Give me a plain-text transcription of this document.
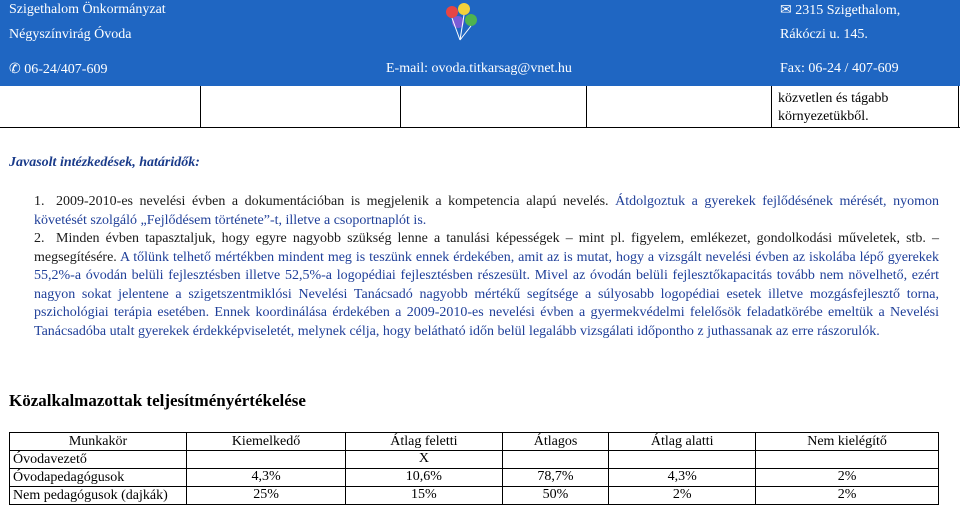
Szigethalom Önkormányzat
Négyszínvirág Óvoda
✆ 06-24/407-609	E-mail: ovoda.titkarsag@vnet.hu
✉ 2315 Szigethalom,
Rákóczi u. 145.
Fax: 06-24 / 407-609
közvetlen és tágabb
környezetükből.
Javasolt intézkedések, határidők:
1. 2009-2010-es nevelési évben a dokumentációban is megjelenik a kompetencia alapú nevelés. Átdolgoztuk a gyerekek fejlődésének mérését, nyomon követését szolgáló „Fejlődésem története”-t, illetve a csoportnaplót is.
2. Minden évben tapasztaljuk, hogy egyre nagyobb szükség lenne a tanulási képességek – mint pl. figyelem, emlékezet, gondolkodási műveletek, stb. – megsegítésére. A tőlünk telhető mértékben mindent meg is teszünk ennek érdekében, amit az is mutat, hogy a vizsgált nevelési évben az iskolába lépő gyerekek 55,2%-a óvodán belüli fejlesztésben illetve 52,5%-a logopédiai fejlesztésben részesült. Mivel az óvodán belüli fejlesztőkapacitás tovább nem növelhető, ezért nagyon sokat jelentene a szigetszentmiklósi Nevelési Tanácsadó nagyobb mértékű segítsége a súlyosabb logopédiai esetek illetve mozgásfejlesztő torna, pszichológiai terápia esetében. Ennek koordinálása érdekében a 2009-2010-es nevelési évben a gyermekvédelmi felelősök feladatkörébe emeltük a Nevelési Tanácsadóba utalt gyerekek érdekképviseletét, melynek célja, hogy belátható időn belül legalább vizsgálati időpontho z juthassanak az erre rászorulók.
Közalkalmazottak teljesítményértékelése
Munkakör	Kiemelkedő	Átlag feletti	Átlagos	Átlag alatti	Nem kielégítő
Óvodavezető		X			
Óvodapedagógusok	4,3%	10,6%	78,7%	4,3%	2%
Nem pedagógusok (dajkák)	25%	15%	50%	2%	2%
